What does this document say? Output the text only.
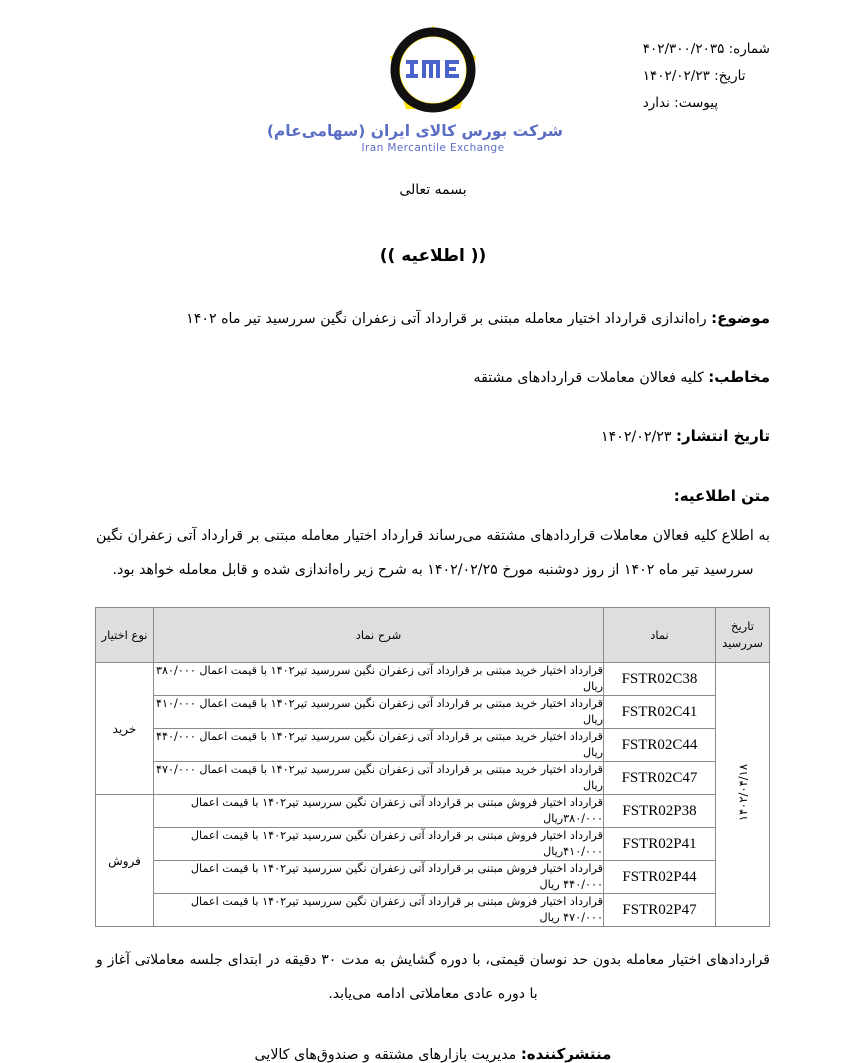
شماره: ۴۰۲/۳۰۰/۲۰۳۵
تاریخ: ۱۴۰۲/۰۲/۲۳
پیوست: ندارد
شرکت بورس کالای ایران (سهامی‌عام)
Iran Mercantile Exchange
بسمه تعالی
(( اطلاعیه ))
موضوع: راه‌اندازی قرارداد اختیار معامله مبتنی بر قرارداد آتی زعفران نگین سررسید تیر ماه ۱۴۰۲
مخاطب: کلیه فعالان معاملات قراردادهای مشتقه
تاریخ انتشار: ۱۴۰۲/۰۲/۲۳
متن اطلاعیه:
به اطلاع کلیه فعالان معاملات قراردادهای مشتقه می‌رساند قرارداد اختیار معامله مبتنی بر قرارداد آتی زعفران نگین سررسید تیر ماه ۱۴۰۲ از روز دوشنبه مورخ ۱۴۰۲/۰۲/۲۵ به شرح زیر راه‌اندازی شده و قابل معامله خواهد بود.
تاریخ سررسید	نماد	شرح نماد	نوع اختیار
۱۴۰۲/۰۴/۱۸	FSTR02C38	قرارداد اختیار خرید مبتنی بر قرارداد آتی زعفران نگین سررسید تیر۱۴۰۲ با قیمت اعمال ۳۸۰/۰۰۰ ریال	خرید
	FSTR02C41	قرارداد اختیار خرید مبتنی بر قرارداد آتی زعفران نگین سررسید تیر۱۴۰۲ با قیمت اعمال ۴۱۰/۰۰۰ ریال	
	FSTR02C44	قرارداد اختیار خرید مبتنی بر قرارداد آتی زعفران نگین سررسید تیر۱۴۰۲ با قیمت اعمال ۴۴۰/۰۰۰ ریال	
	FSTR02C47	قرارداد اختیار خرید مبتنی بر قرارداد آتی زعفران نگین سررسید تیر۱۴۰۲ با قیمت اعمال ۴۷۰/۰۰۰ ریال	
	FSTR02P38	قرارداد اختیار فروش مبتنی بر قرارداد آتی زعفران نگین سررسید تیر۱۴۰۲ با قیمت اعمال ۳۸۰/۰۰۰ریال	فروش
	FSTR02P41	قرارداد اختیار فروش مبتنی بر قرارداد آتی زعفران نگین سررسید تیر۱۴۰۲ با قیمت اعمال ۴۱۰/۰۰۰ریال	
	FSTR02P44	قرارداد اختیار فروش مبتنی بر قرارداد آتی زعفران نگین سررسید تیر۱۴۰۲ با قیمت اعمال ۴۴۰/۰۰۰ ریال	
	FSTR02P47	قرارداد اختیار فروش مبتنی بر قرارداد آتی زعفران نگین سررسید تیر۱۴۰۲ با قیمت اعمال ۴۷۰/۰۰۰ ریال	
قراردادهای اختیار معامله بدون حد نوسان قیمتی، با دوره گشایش به مدت ۳۰ دقیقه در ابتدای جلسه معاملاتی آغاز و با دوره عادی معاملاتی ادامه می‌یابد.
منتشرکننده: مدیریت بازارهای مشتقه و صندوق‌های کالایی
